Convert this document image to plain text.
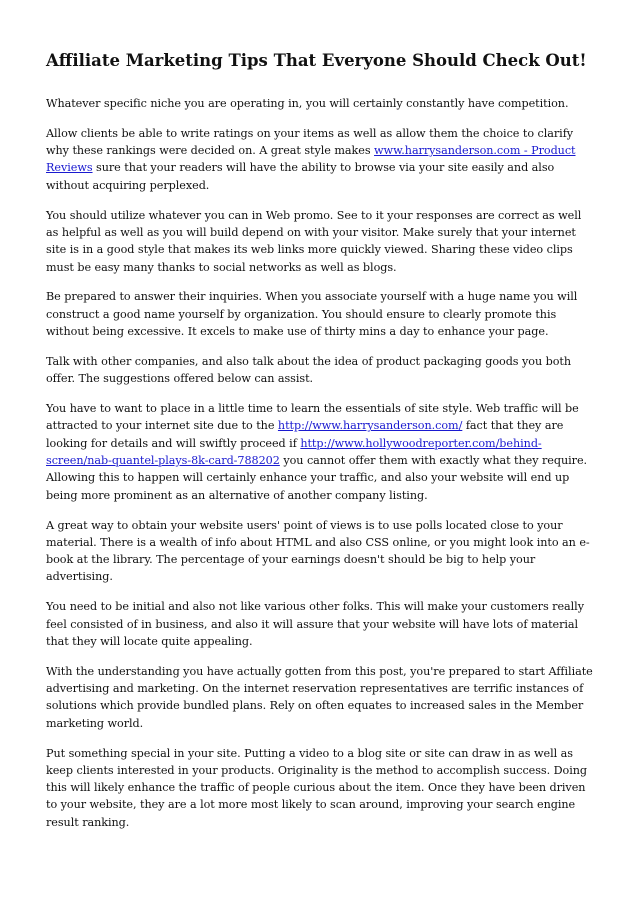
Affiliate Marketing Tips That Everyone Should Check Out!

Whatever specific niche you are operating in, you will certainly constantly have competition.

Allow clients be able to write ratings on your items as well as allow them the choice to clarify why these rankings were decided on. A great style makes www.harrysanderson.com - Product Reviews sure that your readers will have the ability to browse via your site easily and also without acquiring perplexed.

You should utilize whatever you can in Web promo. See to it your responses are correct as well as helpful as well as you will build depend on with your visitor. Make surely that your internet site is in a good style that makes its web links more quickly viewed. Sharing these video clips must be easy many thanks to social networks as well as blogs.

Be prepared to answer their inquiries. When you associate yourself with a huge name you will construct a good name yourself by organization. You should ensure to clearly promote this without being excessive. It excels to make use of thirty mins a day to enhance your page.

Talk with other companies, and also talk about the idea of product packaging goods you both offer. The suggestions offered below can assist.

You have to want to place in a little time to learn the essentials of site style. Web traffic will be attracted to your internet site due to the http://www.harrysanderson.com/ fact that they are looking for details and will swiftly proceed if http://www.hollywoodreporter.com/behind-screen/nab-quantel-plays-8k-card-788202 you cannot offer them with exactly what they require. Allowing this to happen will certainly enhance your traffic, and also your website will end up being more prominent as an alternative of another company listing.

A great way to obtain your website users' point of views is to use polls located close to your material. There is a wealth of info about HTML and also CSS online, or you might look into an e-book at the library. The percentage of your earnings doesn't should be big to help your advertising.

You need to be initial and also not like various other folks. This will make your customers really feel consisted of in business, and also it will assure that your website will have lots of material that they will locate quite appealing.

With the understanding you have actually gotten from this post, you're prepared to start Affiliate advertising and marketing. On the internet reservation representatives are terrific instances of solutions which provide bundled plans. Rely on often equates to increased sales in the Member marketing world.

Put something special in your site. Putting a video to a blog site or site can draw in as well as keep clients interested in your products. Originality is the method to accomplish success. Doing this will likely enhance the traffic of people curious about the item. Once they have been driven to your website, they are a lot more most likely to scan around, improving your search engine result ranking.
